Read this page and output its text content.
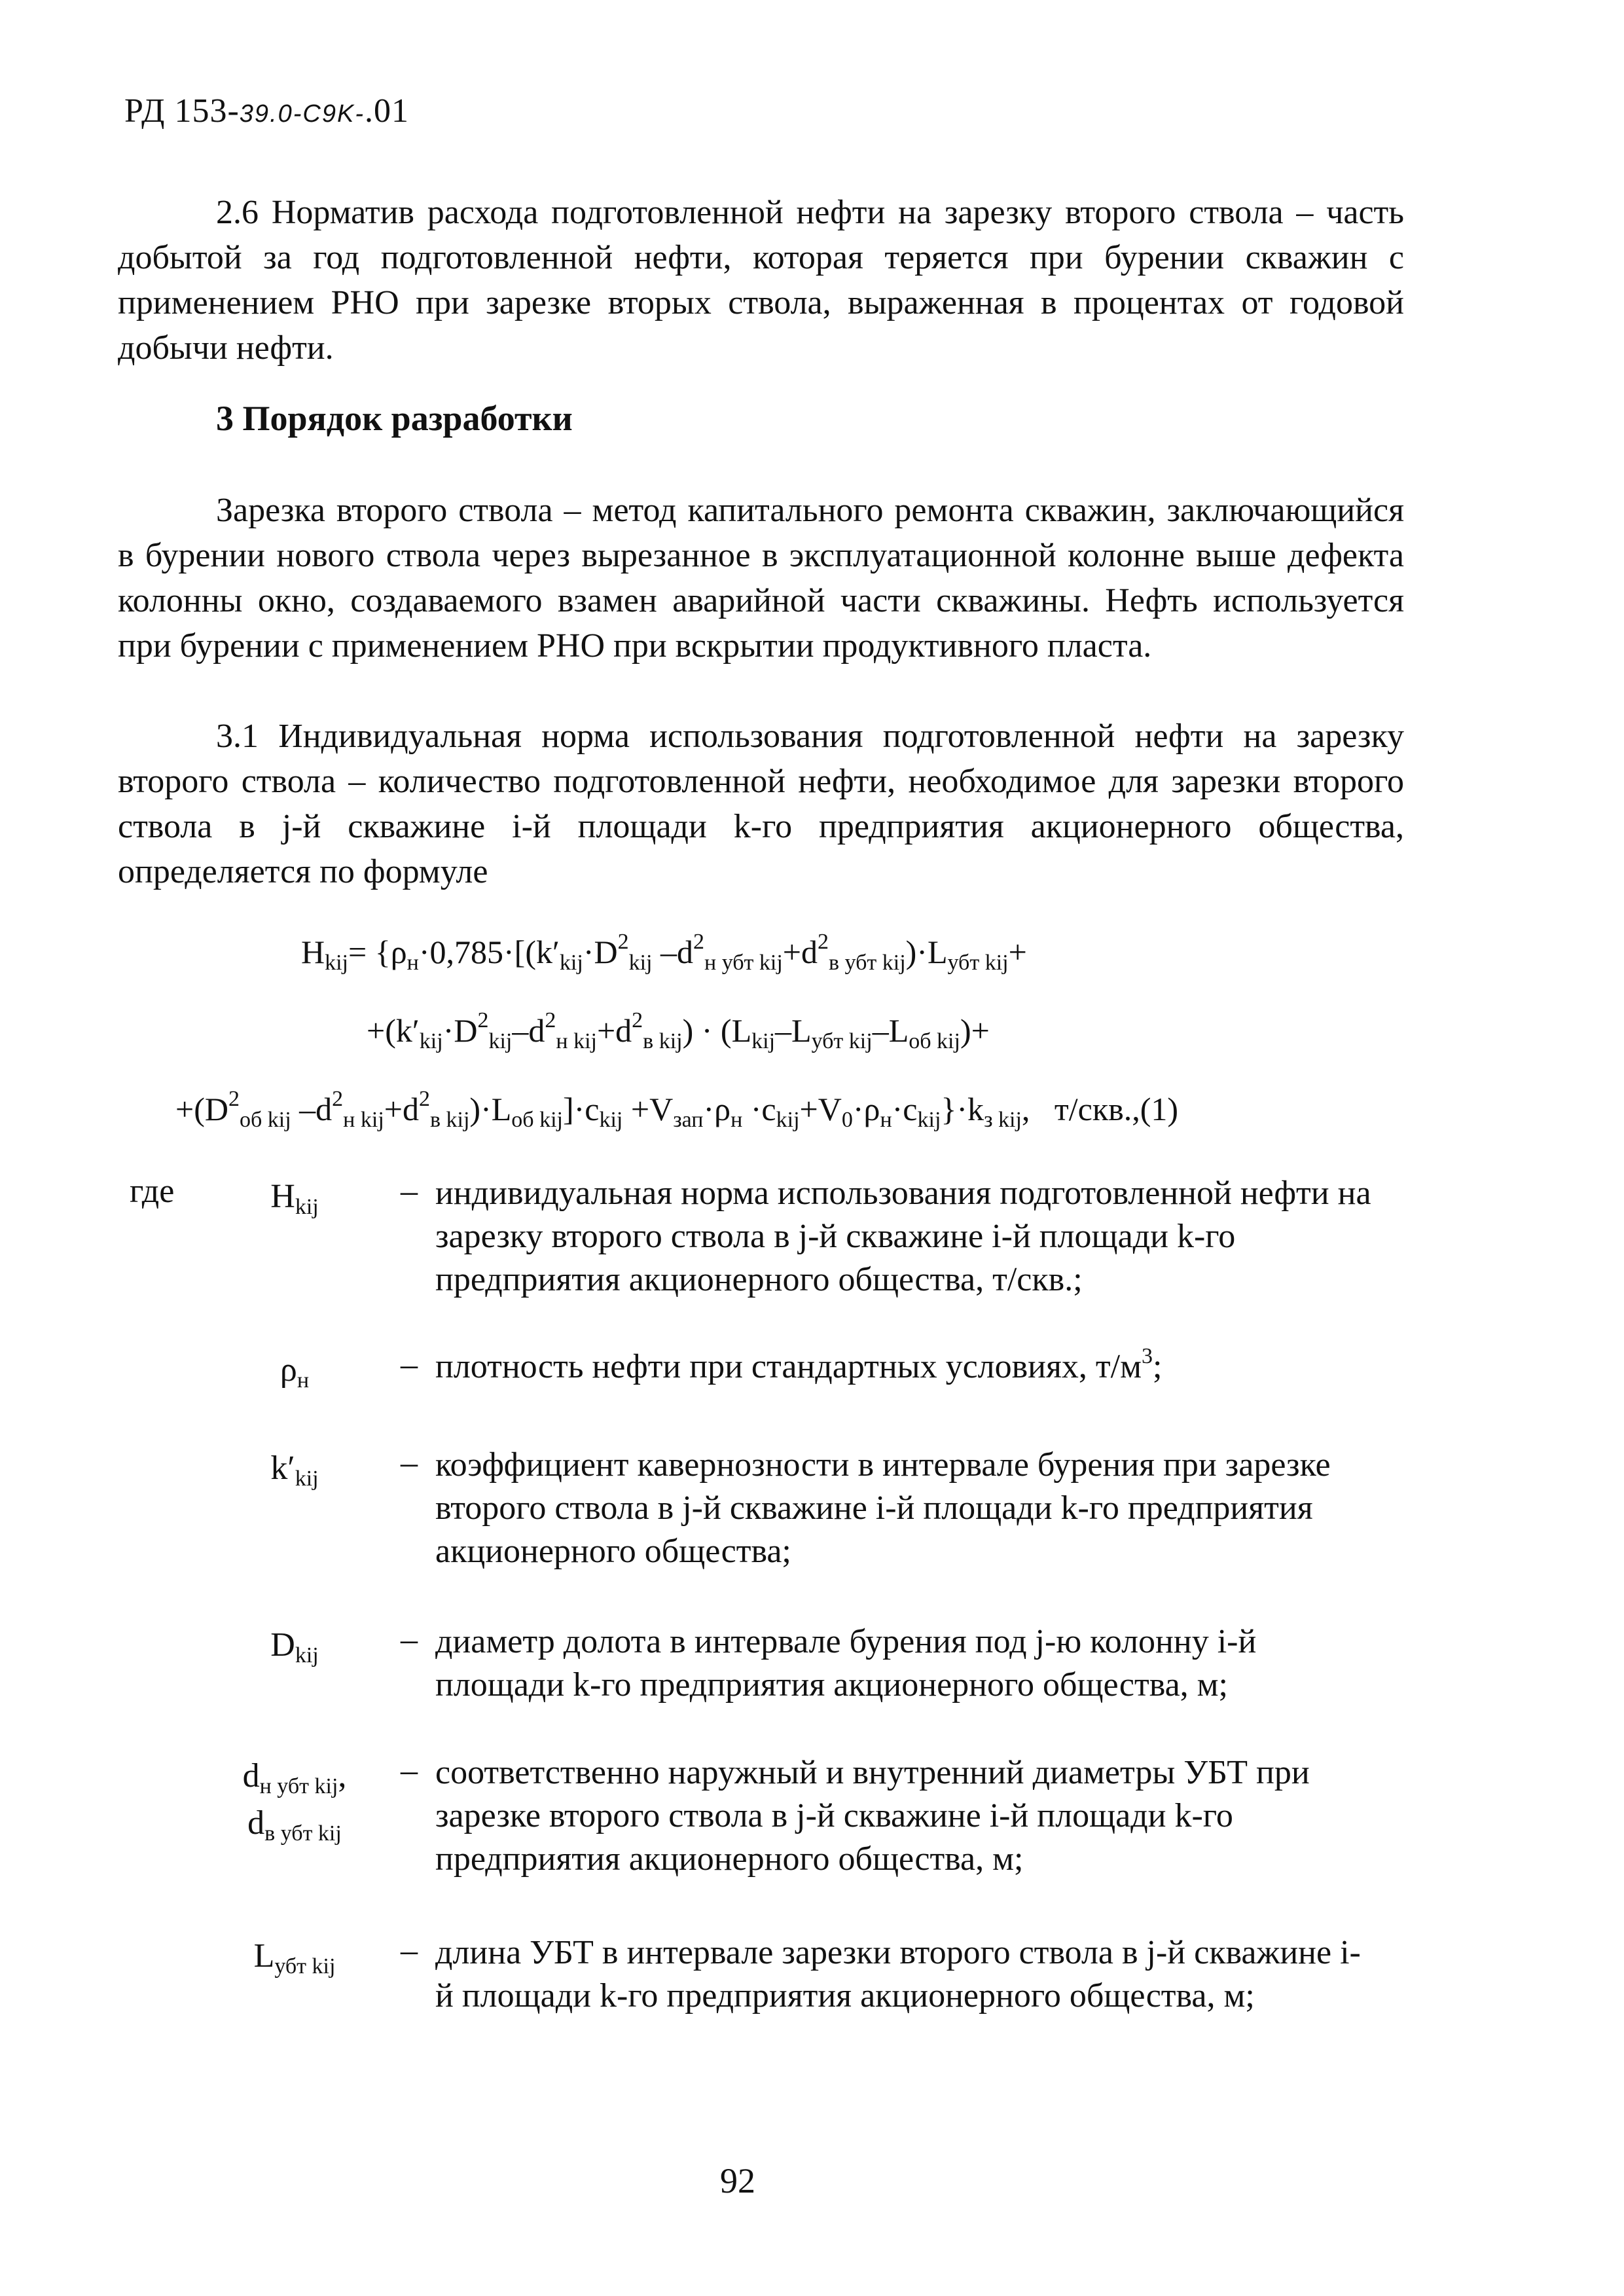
РД 153-39.0-C9K-.01

2.6 Норматив расхода подготовленной нефти на зарезку второго ствола – часть добытой за год подготовленной нефти, которая теряется при бурении скважин с применением РНО при зарезке вторых ствола, выраженная в процентах от годовой добычи нефти.

3 Порядок разработки

Зарезка второго ствола – метод капитального ремонта скважин, заключающийся в бурении нового ствола через вырезанное в эксплуатационной колонне выше дефекта колонны окно, создаваемого взамен аварийной части скважины. Нефть используется при бурении с применением РНО при вскрытии продуктивного пласта.

3.1 Индивидуальная норма использования подготовленной нефти на зарезку второго ствола – количество подготовленной нефти, необходимое для зарезки второго ствола в j-й скважине i-й площади k-го предприятия акционерного общества, определяется по формуле

$H_{kij}= \{\rho_н\cdot 0,785\cdot[(k'_{kij}\cdot D^2_{kij}$ $-d^2_{н убт kij}+d^2_{в убт kij})\cdot L_{убт kij}+$
$+(k'_{kij}\cdot D^2_{kij}-d^2_{н kij}+d^2_{в kij}) \cdot (L_{kij}-L_{убт kij}-L_{об kij})+$
$+(D^2_{об kij}$ $-d^2_{н kij}+d^2_{в kij})\cdot L_{об kij}]\cdot c_{kij} +V_{зап}\cdot\rho_н \cdot c_{kij}+V_0\cdot\rho_н\cdot c_{kij}\}\cdot k_{з kij}$,   т/скв.,(1)
где	$H_{kij}$	– индивидуальная норма использования подготовленной нефти на зарезку второго ствола в j-й скважине i-й площади k-го предприятия акционерного общества, т/скв.;

$\rho_н$	– плотность нефти при стандартных условиях, $т/м^3$;

$k'_{kij}$	– коэффициент кавернозности в интервале бурения при зарезке второго ствола в j-й скважине i-й площади k-го предприятия акционерного общества;

$D_{kij}$	– диаметр долота в интервале бурения под j-ю колонну i-й площади k-го предприятия акционерного общества, м;

$d_{н убт kij}$,
$d_{в убт kij}$
– соответственно наружный и внутренний диаметры УБТ при зарезке второго ствола в j-й скважине i-й площади k-го предприятия акционерного общества, м;

$L_{убт kij}$	– длина УБТ в интервале зарезки второго ствола в j-й скважине i-й площади k-го предприятия акционерного общества, м;

92
